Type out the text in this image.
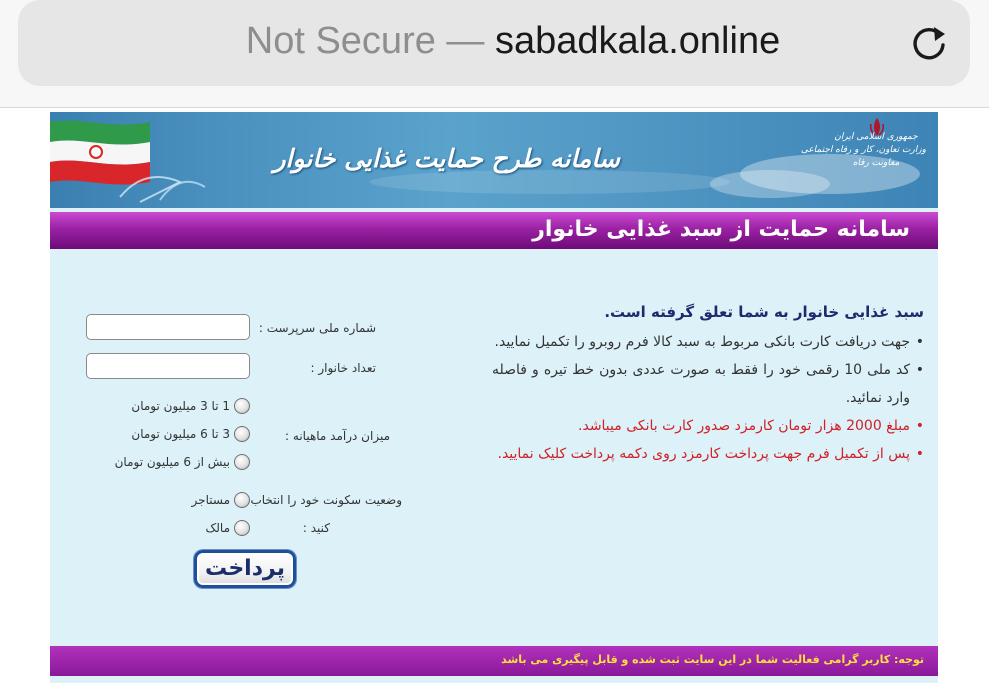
Not Secure — sabadkala.online

جمهوری اسلامی ایران
وزارت تعاون، کار و رفاه اجتماعی
معاونت رفاه
سامانه طرح حمایت غذایی خانوار
سامانه حمایت از سبد غذایی خانوار
سبد غذایی خانوار به شما تعلق گرفته است.
• جهت دریافت کارت بانکی مربوط به سبد کالا فرم روبرو را تکمیل نمایید.
• کد ملی 10 رقمی خود را فقط به صورت عددی بدون خط تیره و فاصله وارد نمائید.
• مبلغ 2000 هزار تومان کارمزد صدور کارت بانکی میباشد.
• پس از تکمیل فرم جهت پرداخت کارمزد روی دکمه پرداخت کلیک نمایید.
شماره ملی سرپرست :
تعداد خانوار :
میزان درآمد ماهیانه :
1 تا 3 میلیون تومان
3 تا 6 میلیون تومان
بیش از 6 میلیون تومان
وضعیت سکونت خود را انتخاب
کنید :
مستاجر
مالک
پرداخت
توجه: کاربر گرامی فعالیت شما در این سایت ثبت شده و قابل پیگیری می باشد
